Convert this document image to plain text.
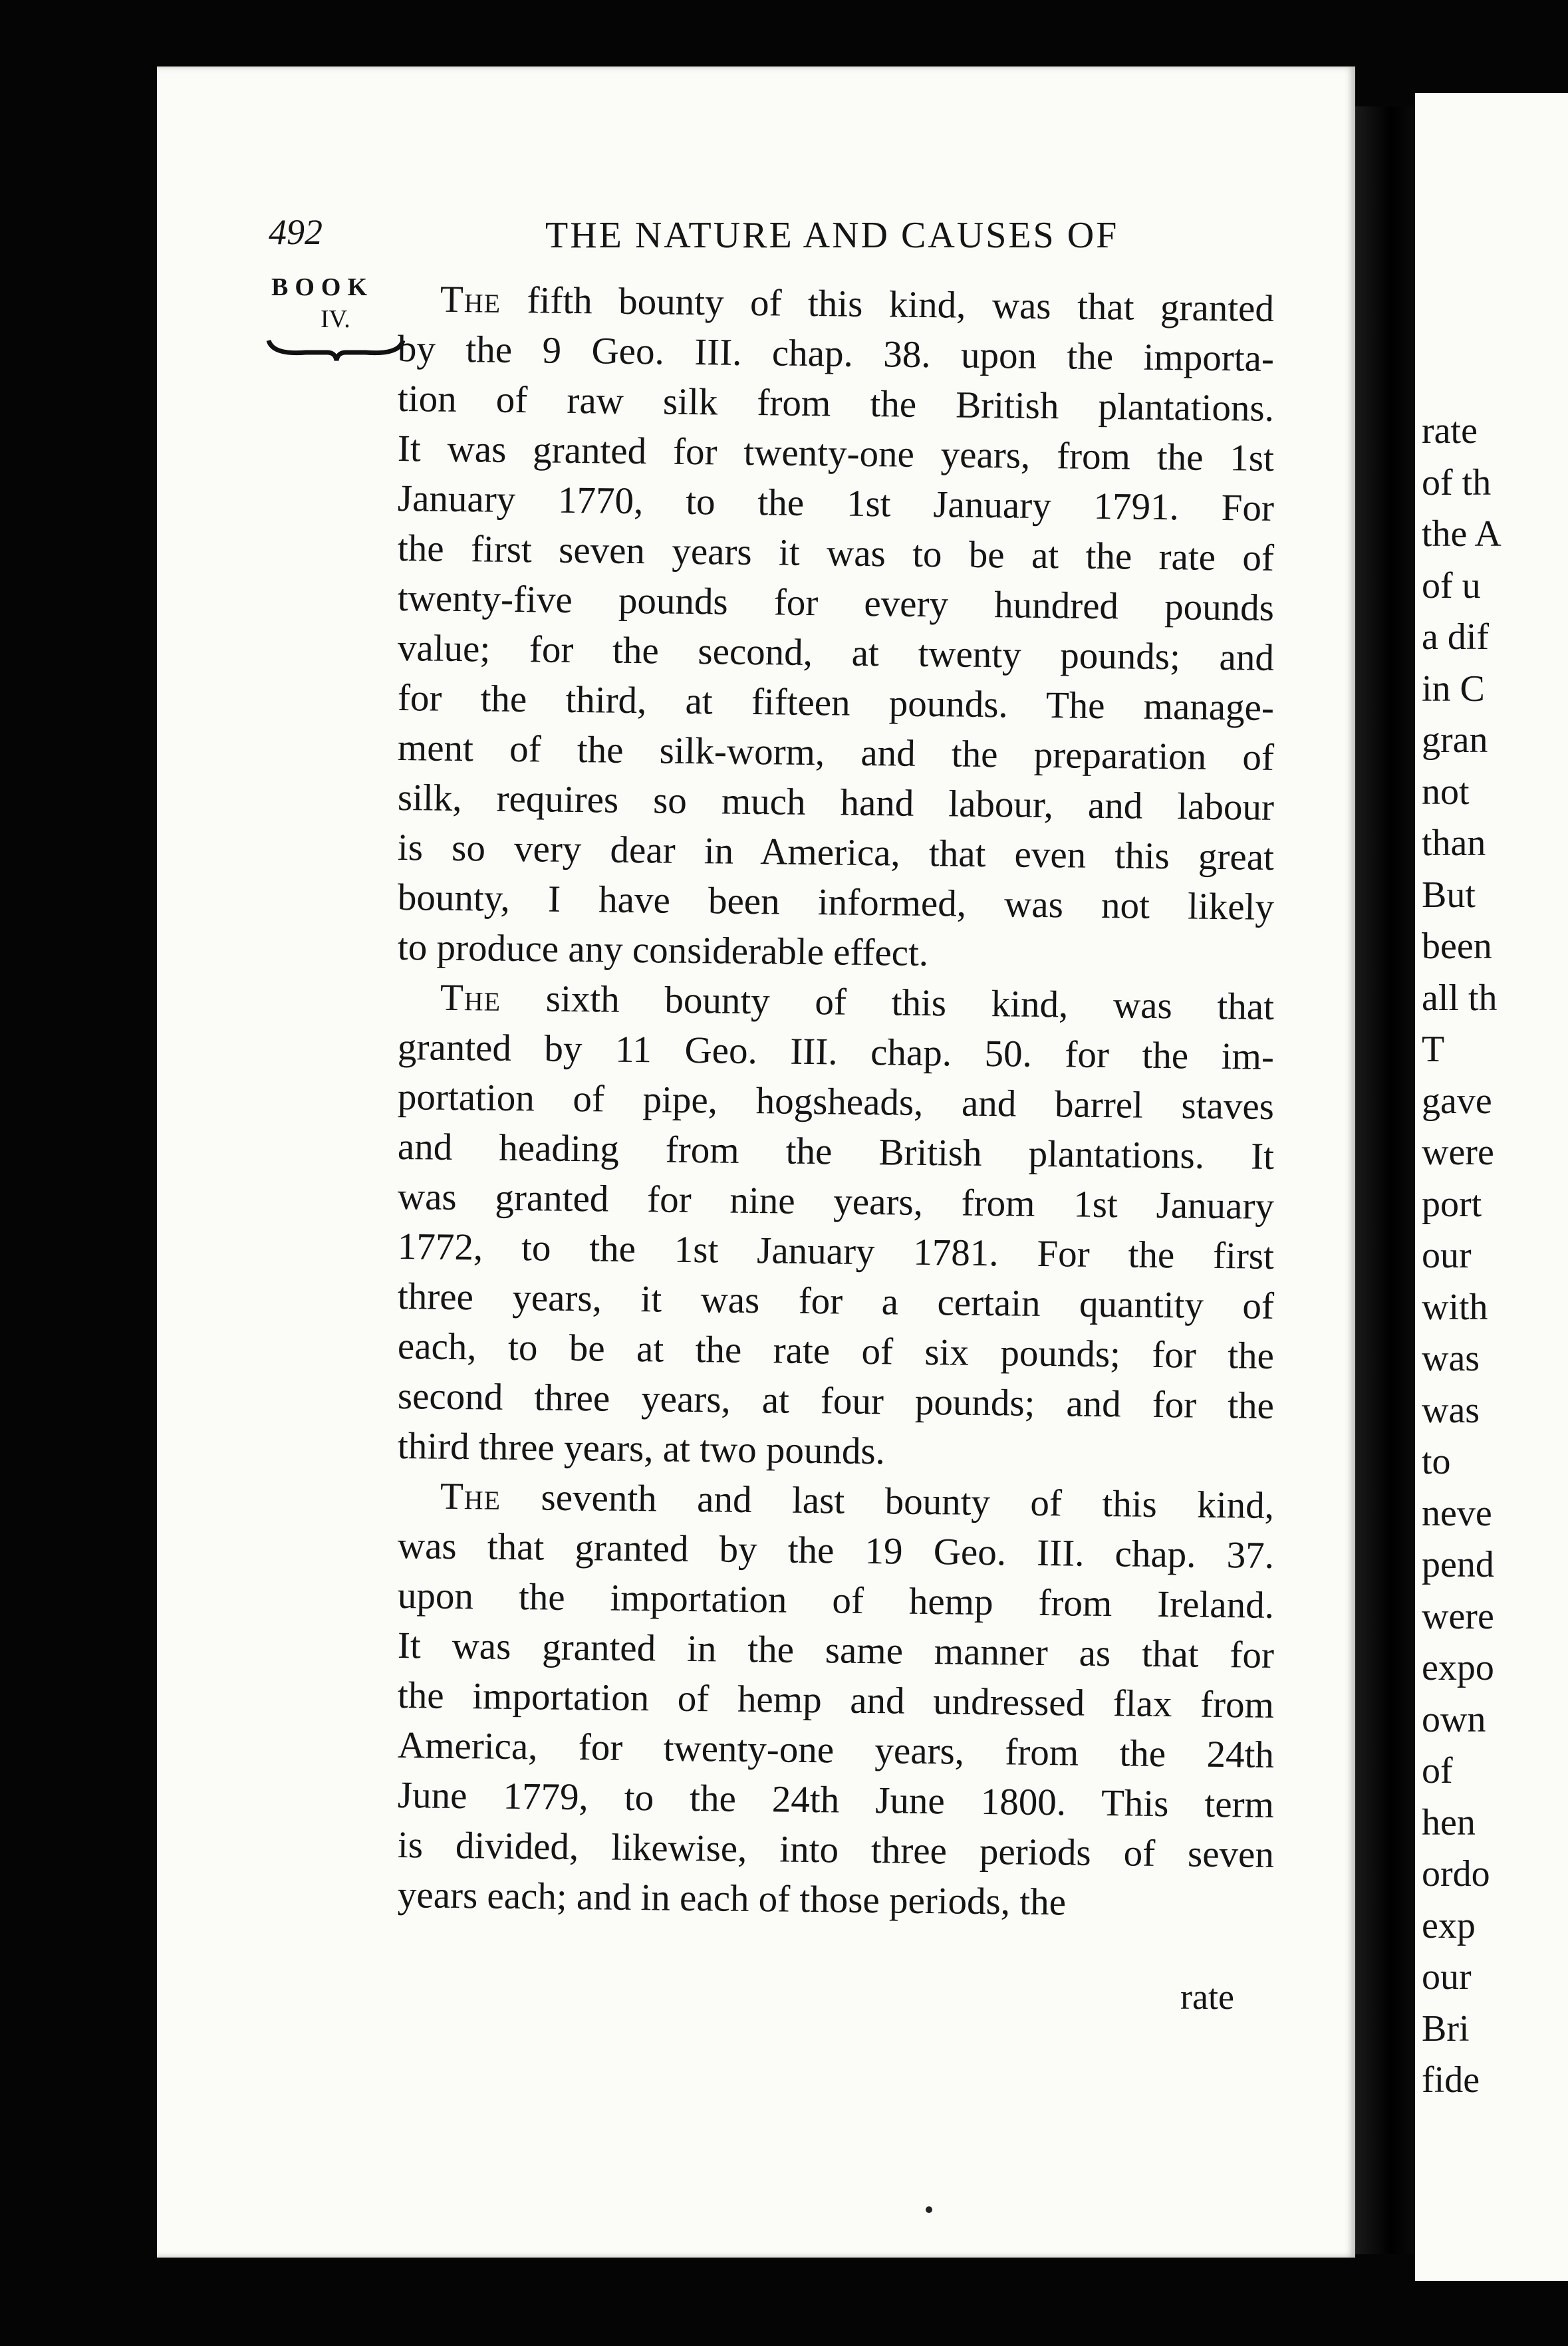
492	THE NATURE AND CAUSES OF
BOOK
IV.	The fifth bounty of this kind, was that granted
by the 9 Geo. III. chap. 38. upon the importa-
tion of raw silk from the British plantations.
It was granted for twenty-one years, from the 1st
January 1770, to the 1st January 1791. For
the first seven years it was to be at the rate of
twenty-five pounds for every hundred pounds
value; for the second, at twenty pounds; and
for the third, at fifteen pounds. The manage-
ment of the silk-worm, and the preparation of
silk, requires so much hand labour, and labour
is so very dear in America, that even this great
bounty, I have been informed, was not likely
to produce any considerable effect.
The sixth bounty of this kind, was that
granted by 11 Geo. III. chap. 50. for the im-
portation of pipe, hogsheads, and barrel staves
and heading from the British plantations. It
was granted for nine years, from 1st January
1772, to the 1st January 1781. For the first
three years, it was for a certain quantity of
each, to be at the rate of six pounds; for the
second three years, at four pounds; and for the
third three years, at two pounds.
The seventh and last bounty of this kind,
was that granted by the 19 Geo. III. chap. 37.
upon the importation of hemp from Ireland.
It was granted in the same manner as that for
the importation of hemp and undressed flax from
America, for twenty-one years, from the 24th
June 1779, to the 24th June 1800. This term
is divided, likewise, into three periods of seven
years each; and in each of those periods, the
rate
rate
of th
the A
of u
a dif
in C
gran
not
than
But
been
all th
T
gave
were
port
our
with
was
was
to
neve
pend
were
expo
own
of
hen
ordo
exp
our
Bri
fide
